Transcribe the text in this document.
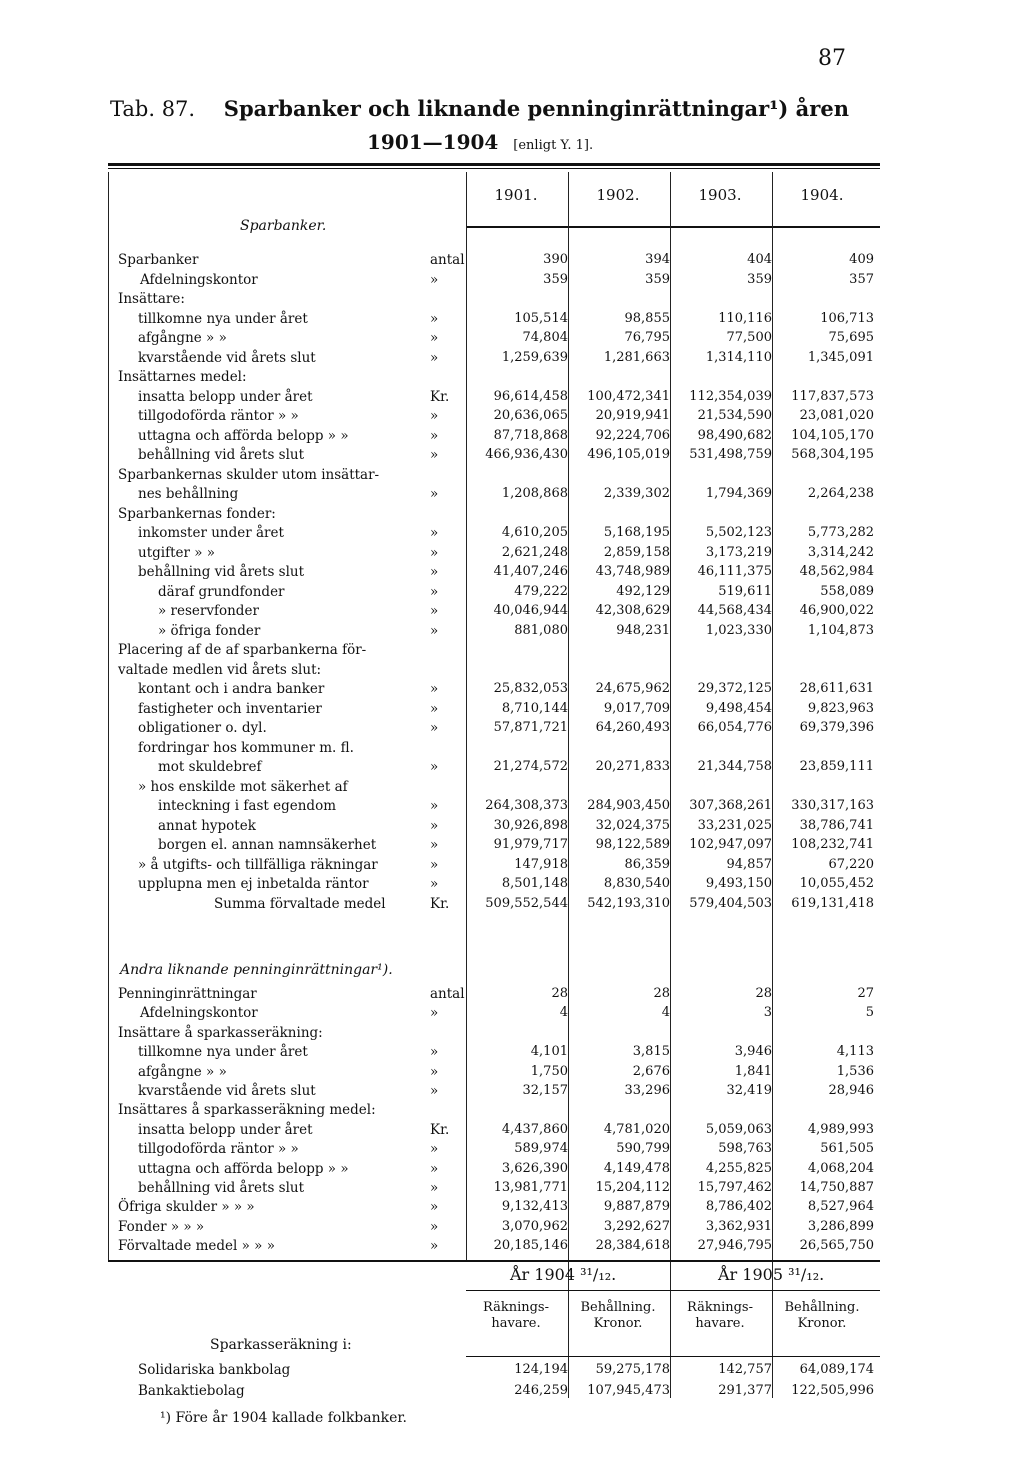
87
Tab. 87. Sparbanker och liknande penninginrättningar¹) åren
1901—1904 [enligt Y. 1].
1901.	1902.	1903.	1904.
Sparbanker.
Sparbanker	antal	390	394	404	409
Afdelningskontor	»	359	359	359	357
Insättare:
tillkomne nya under året	»	105,514	98,855	110,116	106,713
afgångne » »	»	74,804	76,795	77,500	75,695
kvarstående vid årets slut	»	1,259,639	1,281,663	1,314,110	1,345,091
Insättarnes medel:
insatta belopp under året	Kr.	96,614,458	100,472,341	112,354,039	117,837,573
tillgodoförda räntor » »	»	20,636,065	20,919,941	21,534,590	23,081,020
uttagna och afförda belopp » »	»	87,718,868	92,224,706	98,490,682	104,105,170
behållning vid årets slut	»	466,936,430	496,105,019	531,498,759	568,304,195
Sparbankernas skulder utom insättar-
nes behållning	»	1,208,868	2,339,302	1,794,369	2,264,238
Sparbankernas fonder:
inkomster under året	»	4,610,205	5,168,195	5,502,123	5,773,282
utgifter » »	»	2,621,248	2,859,158	3,173,219	3,314,242
behållning vid årets slut	»	41,407,246	43,748,989	46,111,375	48,562,984
däraf grundfonder	»	479,222	492,129	519,611	558,089
» reservfonder	»	40,046,944	42,308,629	44,568,434	46,900,022
» öfriga fonder	»	881,080	948,231	1,023,330	1,104,873
Placering af de af sparbankerna för-
valtade medlen vid årets slut:
kontant och i andra banker	»	25,832,053	24,675,962	29,372,125	28,611,631
fastigheter och inventarier	»	8,710,144	9,017,709	9,498,454	9,823,963
obligationer o. dyl.	»	57,871,721	64,260,493	66,054,776	69,379,396
fordringar hos kommuner m. fl.
mot skuldebref	»	21,274,572	20,271,833	21,344,758	23,859,111
» hos enskilde mot säkerhet af
inteckning i fast egendom	»	264,308,373	284,903,450	307,368,261	330,317,163
annat hypotek	»	30,926,898	32,024,375	33,231,025	38,786,741
borgen el. annan namnsäkerhet	»	91,979,717	98,122,589	102,947,097	108,232,741
» å utgifts- och tillfälliga räkningar	»	147,918	86,359	94,857	67,220
upplupna men ej inbetalda räntor	»	8,501,148	8,830,540	9,493,150	10,055,452
Summa förvaltade medel	Kr.	509,552,544	542,193,310	579,404,503	619,131,418
Andra liknande penninginrättningar¹).
Penninginrättningar	antal	28	28	28	27
Afdelningskontor	»	4	4	3	5
Insättare å sparkasseräkning:
tillkomne nya under året	»	4,101	3,815	3,946	4,113
afgångne » »	»	1,750	2,676	1,841	1,536
kvarstående vid årets slut	»	32,157	33,296	32,419	28,946
Insättares å sparkasseräkning medel:
insatta belopp under året	Kr.	4,437,860	4,781,020	5,059,063	4,989,993
tillgodoförda räntor » »	»	589,974	590,799	598,763	561,505
uttagna och afförda belopp » »	»	3,626,390	4,149,478	4,255,825	4,068,204
behållning vid årets slut	»	13,981,771	15,204,112	15,797,462	14,750,887
Öfriga skulder » » »	»	9,132,413	9,887,879	8,786,402	8,527,964
Fonder » » »	»	3,070,962	3,292,627	3,362,931	3,286,899
Förvaltade medel » » »	»	20,185,146	28,384,618	27,946,795	26,565,750
År 1904 ³¹/₁₂.	År 1905 ³¹/₁₂.
Räknings-havare.
Behållning. Kronor.
Räknings-havare.
Behållning. Kronor.
Sparkasseräkning i:
Solidariska bankbolag	124,194	59,275,178	142,757	64,089,174
Bankaktiebolag	246,259	107,945,473	291,377	122,505,996
¹) Före år 1904 kallade folkbanker.
